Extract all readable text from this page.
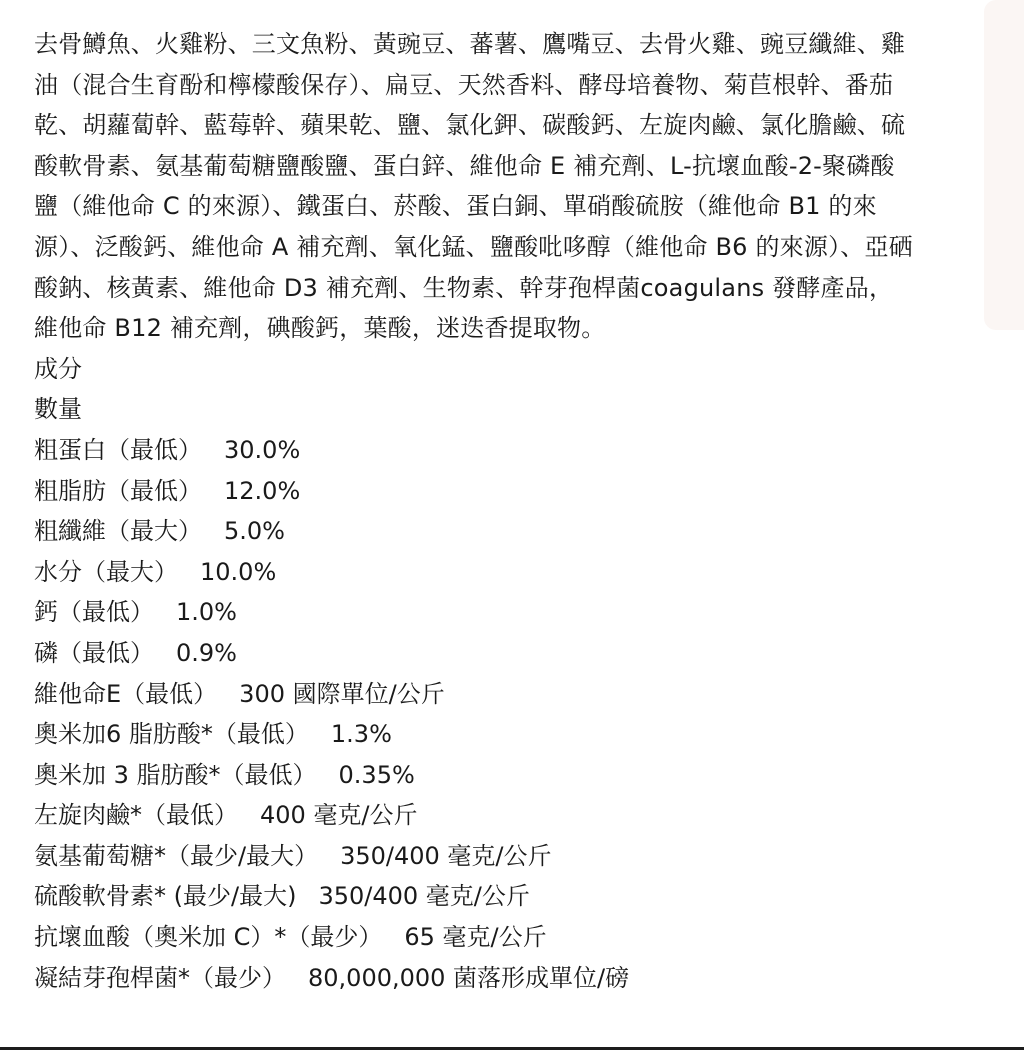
去骨鱒魚、火雞粉、三文魚粉、黃豌豆、蕃薯、鷹嘴豆、去骨火雞、豌豆纖維、雞油（混合生育酚和檸檬酸保存）、扁豆、天然香料、酵母培養物、菊苣根幹、番茄乾、胡蘿蔔幹、藍莓幹、蘋果乾、鹽、氯化鉀、碳酸鈣、左旋肉鹼、氯化膽鹼、硫酸軟骨素、氨基葡萄糖鹽酸鹽、蛋白鋅、維他命 E 補充劑、L-抗壞血酸-2-聚磷酸鹽（維他命 C 的來源）、鐵蛋白、菸酸、蛋白銅、單硝酸硫胺（維他命 B1 的來源）、泛酸鈣、維他命 A 補充劑、氧化錳、鹽酸吡哆醇（維他命 B6 的來源）、亞硒酸鈉、核黃素、維他命 D3 補充劑、生物素、幹芽孢桿菌coagulans 發酵產品，維他命 B12 補充劑，碘酸鈣，葉酸，迷迭香提取物。

成分

數量

粗蛋白（最低） 30.0%

粗脂肪（最低） 12.0%

粗纖維（最大） 5.0%

水分（最大） 10.0%

鈣（最低） 1.0%

磷（最低） 0.9%

維他命E（最低） 300 國際單位/公斤

奧米加6 脂肪酸*（最低） 1.3%

奧米加 3 脂肪酸*（最低） 0.35%

左旋肉鹼*（最低） 400 毫克/公斤

氨基葡萄糖*（最少/最大） 350/400 毫克/公斤

硫酸軟骨素* (最少/最大) 350/400 毫克/公斤

抗壞血酸（奧米加 C）*（最少） 65 毫克/公斤

凝結芽孢桿菌*（最少） 80,000,000 菌落形成單位/磅
